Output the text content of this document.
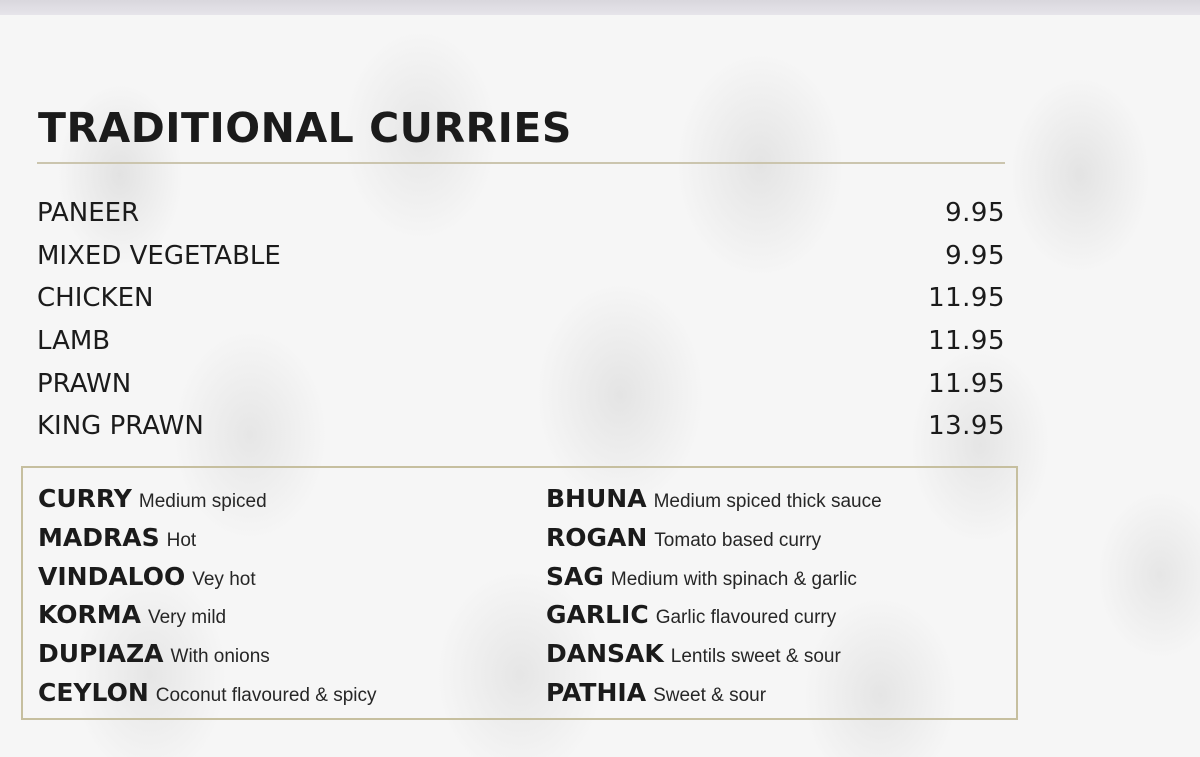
TRADITIONAL CURRIES
PANEER	9.95
MIXED VEGETABLE	9.95
CHICKEN	11.95
LAMB	11.95
PRAWN	11.95
KING PRAWN	13.95
CURRY Medium spiced
MADRAS Hot
VINDALOO Vey hot
KORMA Very mild
DUPIAZA With onions
CEYLON Coconut flavoured & spicy
BHUNA Medium spiced thick sauce
ROGAN Tomato based curry
SAG Medium with spinach & garlic
GARLIC Garlic flavoured curry
DANSAK Lentils sweet & sour
PATHIA Sweet & sour
